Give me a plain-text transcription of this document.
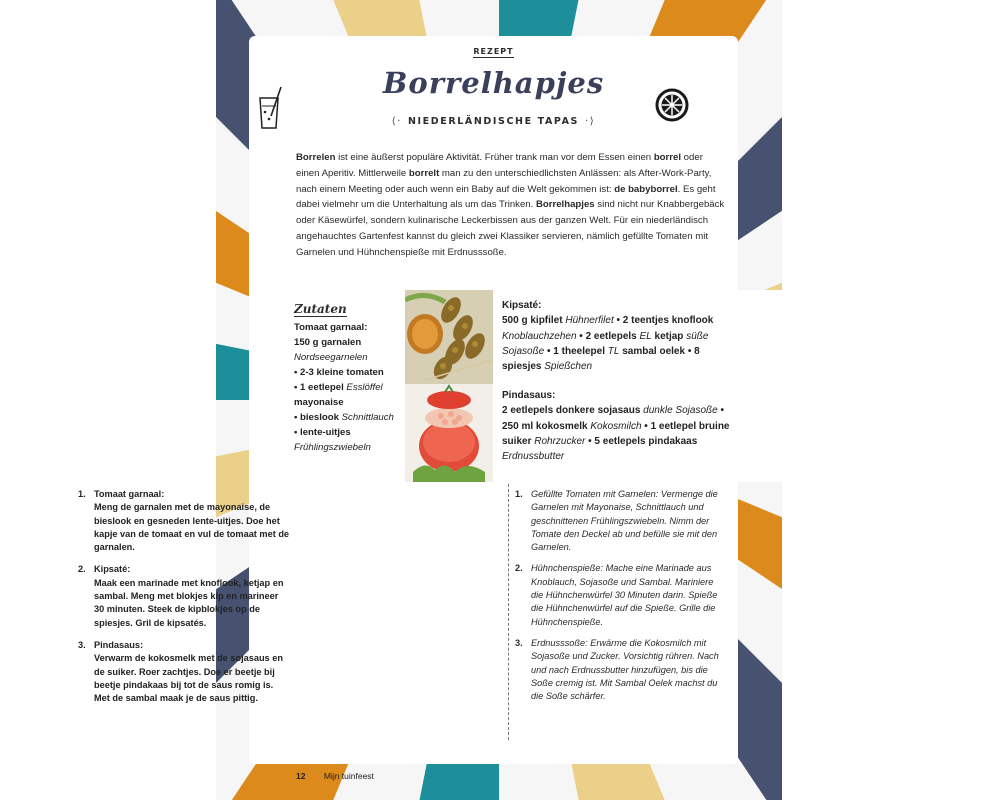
REZEPT
Borrelhapjes
⟨· NIEDERLÄNDISCHE TAPAS ·⟩
Borrelen ist eine äußerst populäre Aktivität. Früher trank man vor dem Essen einen borrel oder einen Aperitiv. Mittlerweile borrelt man zu den unterschiedlichsten Anlässen: als After-Work-Party, nach einem Meeting oder auch wenn ein Baby auf die Welt gekommen ist: de babyborrel. Es geht dabei vielmehr um die Unterhaltung als um das Trinken. Borrelhapjes sind nicht nur Knabbergebäck oder Käsewürfel, sondern kulinarische Leckerbissen aus der ganzen Welt. Für ein niederländisch angehauchtes Gartenfest kannst du gleich zwei Klassiker servieren, nämlich gefüllte Tomaten mit Garnelen und Hühnchenspieße mit Erdnusssoße.
Zutaten
Tomaat garnaal:
150 g garnalen Nordseegarnelen
• 2-3 kleine tomaten
• 1 eetlepel Esslöffel mayonaise
• bieslook Schnittlauch
• lente-uitjes Frühlingszwiebeln
Kipsaté:
500 g kipfilet Hühnerfilet • 2 teentjes knoflook Knoblauchzehen • 2 eetlepels EL ketjap süße Sojasoße • 1 theelepel TL sambal oelek • 8 spiesjes Spießchen
Pindasaus:
2 eetlepels donkere sojasaus dunkle Sojasoße • 250 ml kokosmelk Kokosmilch • 1 eetlepel bruine suiker Rohrzucker • 5 eetlepels pindakaas Erdnussbutter
1. Tomaat garnaal:
Meng de garnalen met de mayonaise, de bieslook en gesneden lente-uitjes. Doe het kapje van de tomaat en vul de tomaat met de garnalen.
2. Kipsaté:
Maak een marinade met knoflook, ketjap en sambal. Meng met blokjes kip en marineer 30 minuten. Steek de kipblokjes op de spiesjes. Gril de kipsatés.
3. Pindasaus:
Verwarm de kokosmelk met de sojasaus en de suiker. Roer zachtjes. Doe er beetje bij beetje pindakaas bij tot de saus romig is. Met de sambal maak je de saus pittig.
1. Gefüllte Tomaten mit Garnelen: Vermenge die Garnelen mit Mayonaise, Schnittlauch und geschnittenen Frühlingszwiebeln. Nimm der Tomate den Deckel ab und befülle sie mit den Garnelen.
2. Hühnchenspieße: Mache eine Marinade aus Knoblauch, Sojasoße und Sambal. Mariniere die Hühnchenwürfel 30 Minuten darin. Spieße die Hühnchenwürfel auf die Spieße. Grille die Hühnchenspieße.
3. Erdnusssoße: Erwärme die Kokosmilch mit Sojasoße und Zucker. Vorsichtig rühren. Nach und nach Erdnussbutter hinzufügen, bis die Soße cremig ist. Mit Sambal Oelek machst du die Soße schärfer.
12 Mijn tuinfeest
